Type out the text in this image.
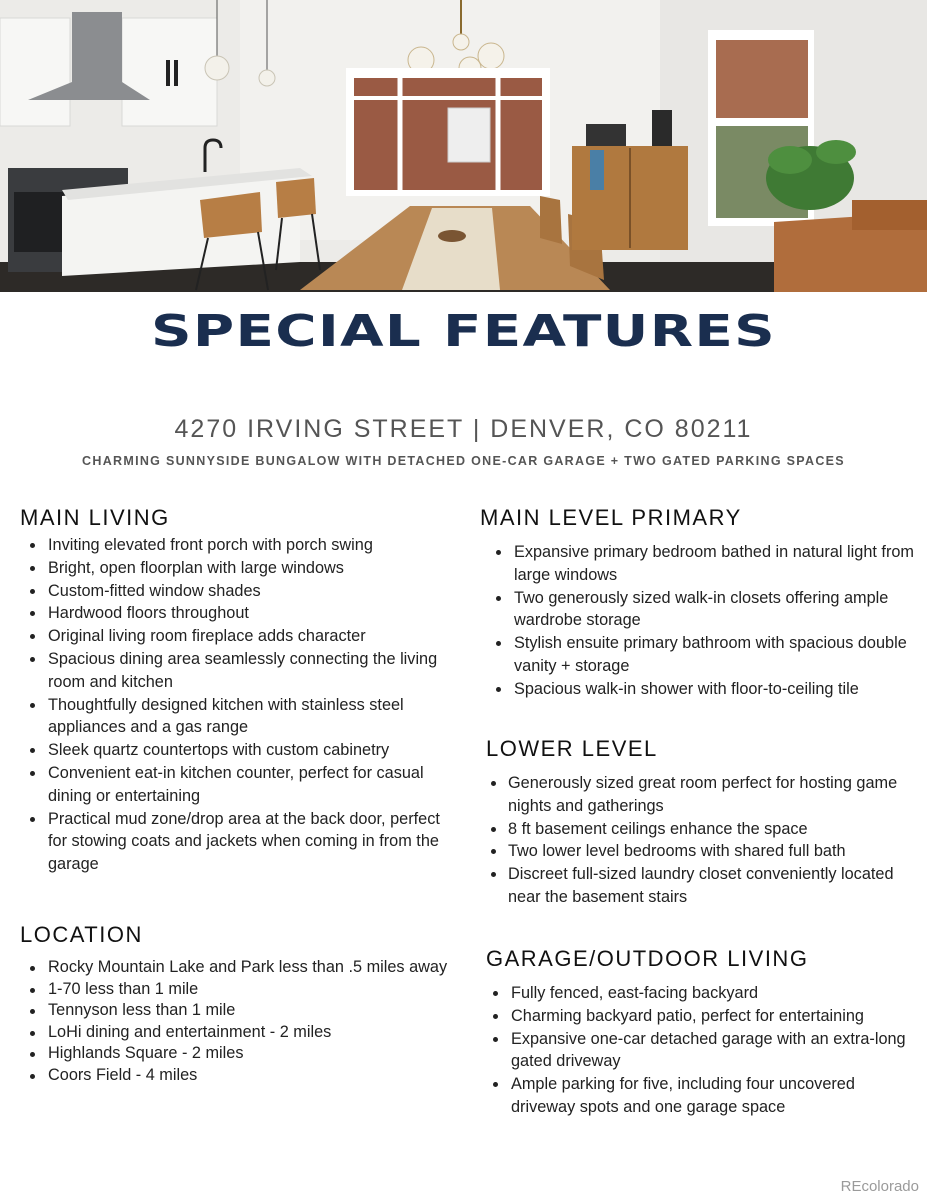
SPECIAL FEATURES
4270 IRVING STREET | DENVER, CO 80211
CHARMING SUNNYSIDE BUNGALOW WITH DETACHED ONE-CAR GARAGE + TWO GATED PARKING SPACES
MAIN LIVING
Inviting elevated front porch with porch swing
Bright, open floorplan with large windows
Custom-fitted window shades
Hardwood floors throughout
Original living room fireplace adds character
Spacious dining area seamlessly connecting the living room and kitchen
Thoughtfully designed kitchen with stainless steel appliances and a gas range
Sleek quartz countertops with custom cabinetry
Convenient eat-in kitchen counter, perfect for casual dining or entertaining
Practical mud zone/drop area at the back door, perfect for stowing coats and jackets when coming in from the garage
LOCATION
Rocky Mountain Lake and Park less than .5 miles away
1-70 less than 1 mile
Tennyson less than 1 mile
LoHi dining and entertainment - 2 miles
Highlands Square - 2 miles
Coors Field - 4 miles
MAIN LEVEL PRIMARY
Expansive primary bedroom bathed in natural light from large windows
Two generously sized walk-in closets offering ample wardrobe storage
Stylish ensuite primary bathroom with spacious double vanity + storage
Spacious walk-in shower with floor-to-ceiling tile
LOWER LEVEL
Generously sized great room perfect for hosting game nights and gatherings
8 ft basement ceilings enhance the space
Two lower level bedrooms with shared full bath
Discreet full-sized laundry closet conveniently located near the basement stairs
GARAGE/OUTDOOR LIVING
Fully fenced, east-facing backyard
Charming backyard patio, perfect for entertaining
Expansive one-car detached garage with an extra-long gated driveway
Ample parking for five, including four uncovered driveway spots and one garage space
REcolorado
